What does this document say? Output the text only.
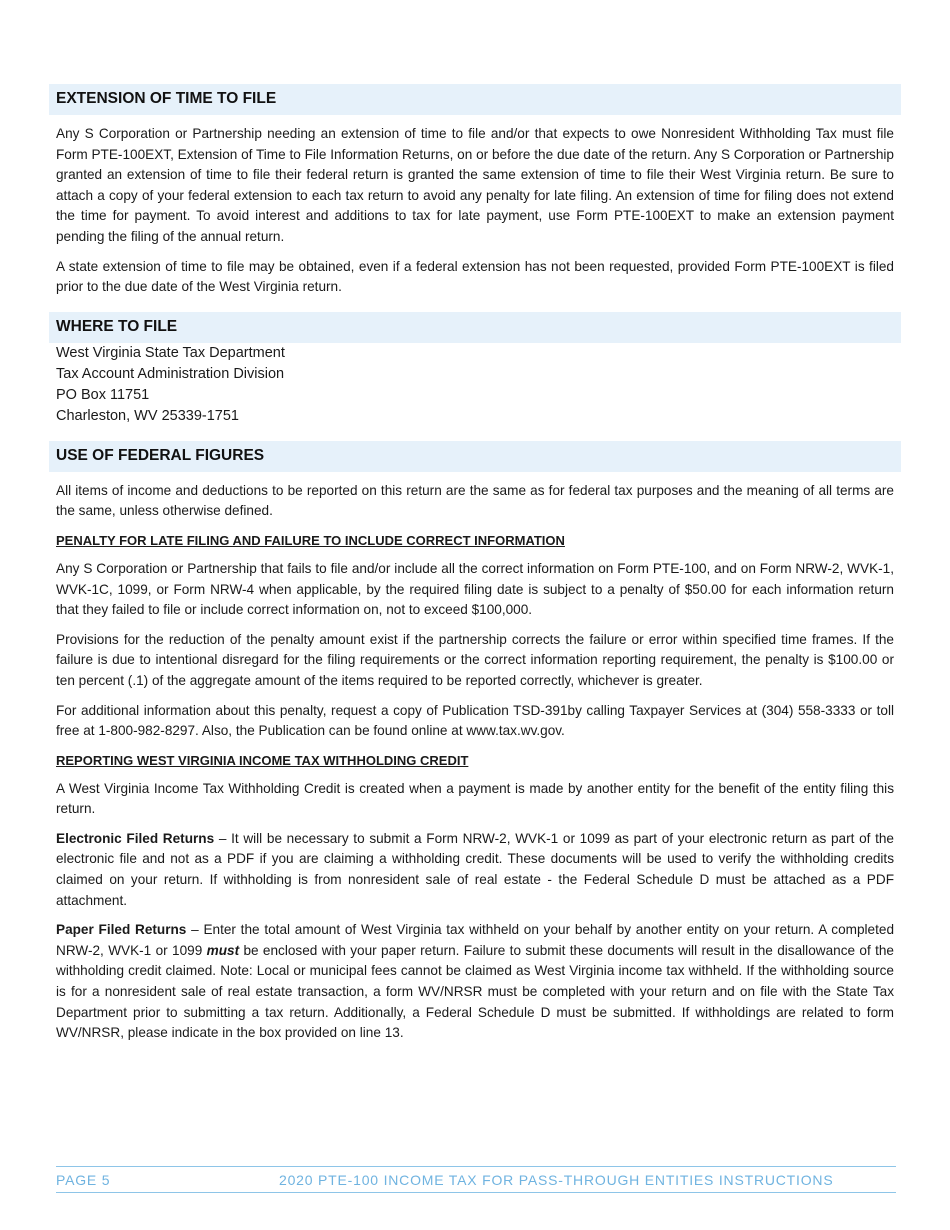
EXTENSION OF TIME TO FILE

Any S Corporation or Partnership needing an extension of time to file and/or that expects to owe Nonresident Withholding Tax must file Form PTE-100EXT, Extension of Time to File Information Returns, on or before the due date of the return. Any S Corporation or Partnership granted an extension of time to file their federal return is granted the same extension of time to file their West Virginia return. Be sure to attach a copy of your federal extension to each tax return to avoid any penalty for late filing. An extension of time for filing does not extend the time for payment. To avoid interest and additions to tax for late payment, use Form PTE-100EXT to make an extension payment pending the filing of the annual return.

A state extension of time to file may be obtained, even if a federal extension has not been requested, provided Form PTE-100EXT is filed prior to the due date of the West Virginia return.

WHERE TO FILE
West Virginia State Tax Department
Tax Account Administration Division
PO Box 11751
Charleston, WV 25339-1751
USE OF FEDERAL FIGURES

All items of income and deductions to be reported on this return are the same as for federal tax purposes and the meaning of all terms are the same, unless otherwise defined.

PENALTY FOR LATE FILING AND FAILURE TO INCLUDE CORRECT INFORMATION

Any S Corporation or Partnership that fails to file and/or include all the correct information on Form PTE-100, and on Form NRW-2, WVK-1, WVK-1C, 1099, or Form NRW-4 when applicable, by the required filing date is subject to a penalty of $50.00 for each information return that they failed to file or include correct information on, not to exceed $100,000.

Provisions for the reduction of the penalty amount exist if the partnership corrects the failure or error within specified time frames. If the failure is due to intentional disregard for the filing requirements or the correct information reporting requirement, the penalty is $100.00 or ten percent (.1) of the aggregate amount of the items required to be reported correctly, whichever is greater.

For additional information about this penalty, request a copy of Publication TSD-391by calling Taxpayer Services at (304) 558-3333 or toll free at 1-800-982-8297. Also, the Publication can be found online at www.tax.wv.gov.

REPORTING WEST VIRGINIA INCOME TAX WITHHOLDING CREDIT

A West Virginia Income Tax Withholding Credit is created when a payment is made by another entity for the benefit of the entity filing this return.

Electronic Filed Returns – It will be necessary to submit a Form NRW-2, WVK-1 or 1099 as part of your electronic return as part of the electronic file and not as a PDF if you are claiming a withholding credit. These documents will be used to verify the withholding credits claimed on your return. If withholding is from nonresident sale of real estate - the Federal Schedule D must be attached as a PDF attachment.

Paper Filed Returns – Enter the total amount of West Virginia tax withheld on your behalf by another entity on your return. A completed NRW-2, WVK-1 or 1099 must be enclosed with your paper return. Failure to submit these documents will result in the disallowance of the withholding credit claimed. Note: Local or municipal fees cannot be claimed as West Virginia income tax withheld. If the withholding source is for a nonresident sale of real estate transaction, a form WV/NRSR must be completed with your return and on file with the State Tax Department prior to submitting a tax return. Additionally, a Federal Schedule D must be submitted. If withholdings are related to form WV/NRSR, please indicate in the box provided on line 13.

PAGE 5	2020 PTE-100 INCOME TAX FOR PASS-THROUGH ENTITIES INSTRUCTIONS
